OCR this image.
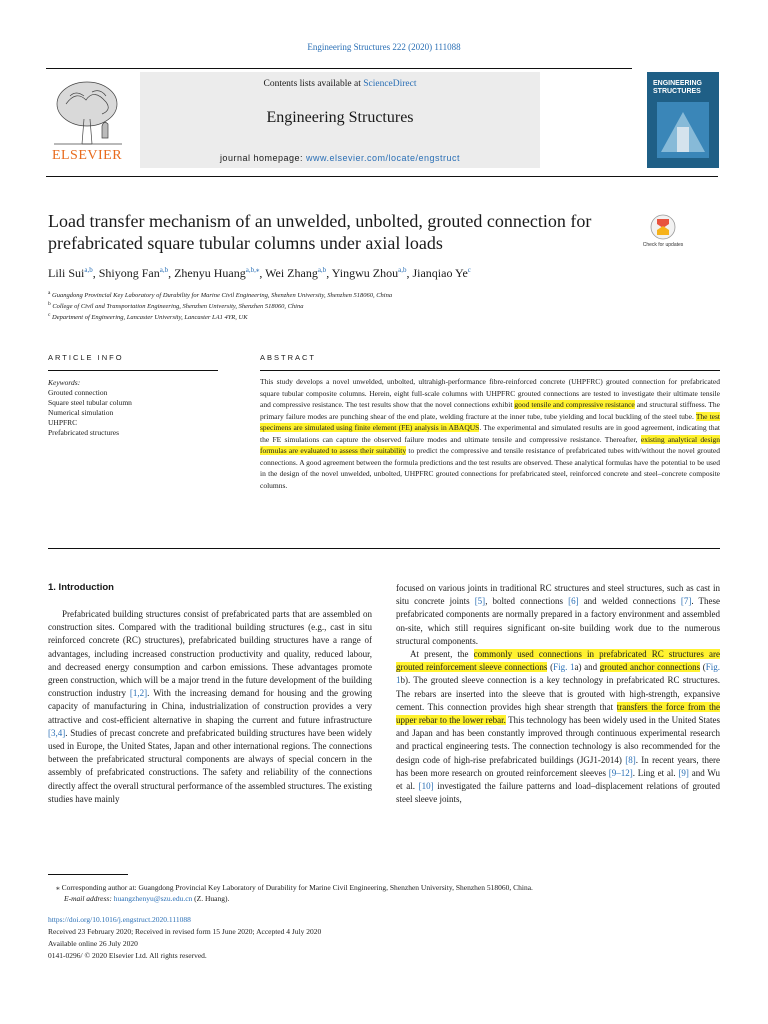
Engineering Structures 222 (2020) 111088
ELSEVIER
Contents lists available at ScienceDirect
Engineering Structures
journal homepage: www.elsevier.com/locate/engstruct
ENGINEERING
STRUCTURES
Load transfer mechanism of an unwelded, unbolted, grouted connection for
prefabricated square tubular columns under axial loads	Check for updates
Lili Sui$^{a,b}$, Shiyong Fan$^{a,b}$, Zhenyu Huang$^{a,b,⁎}$, Wei Zhang$^{a,b}$, Yingwu Zhou$^{a,b}$, Jianqiao Ye$^c$
$^a$ Guangdong Provincial Key Laboratory of Durability for Marine Civil Engineering, Shenzhen University, Shenzhen 518060, China
$^b$ College of Civil and Transportation Engineering, Shenzhen University, Shenzhen 518060, China
$^c$ Department of Engineering, Lancaster University, Lancaster LA1 4YR, UK
ARTICLE INFO	ABSTRACT
Keywords:
Grouted connection
Square steel tubular column
Numerical simulation
UHPFRC
Prefabricated structures
This study develops a novel unwelded, unbolted, ultrahigh-performance fibre-reinforced concrete (UHPFRC) grouted connection for prefabricated square tubular composite columns. Herein, eight full-scale columns with UHPFRC grouted connections are tested to investigate their ultimate tensile and compressive resistance. The test results show that the novel connections exhibit good tensile and compressive resistance and structural stiffness. The primary failure modes are punching shear of the end plate, welding fracture at the inner tube, tube yielding and local buckling of the steel tube. The test specimens are simulated using finite element (FE) analysis in ABAQUS. The experimental and simulated results are in good agreement, indicating that the FE simulations can capture the observed failure modes and ultimate tensile and compressive resistance. Thereafter, existing analytical design formulas are evaluated to assess their suitability to predict the compressive and tensile resistance of prefabricated tubes with/without the novel grouted connections. A good agreement between the formula predictions and the test results are observed. These analytical formulas have the potential to be used in the design of the novel unwelded, unbolted, UHPFRC grouted connections for prefabricated steel, reinforced concrete and steel–concrete composite columns.
1. Introduction
Prefabricated building structures consist of prefabricated parts that are assembled on construction sites. Compared with the traditional building structures (e.g., cast in situ reinforced concrete (RC) structures), prefabricated building structures have a range of advantages, including increased construction productivity and quality, reduced labour, and decreased energy consumption and carbon emissions. These advantages promote green construction, which will be a major trend in the future development of the building construction industry [1,2]. With the increasing demand for housing and the growing capacity of manufacturing in China, industrialization of construction provides a very attractive and cost-efficient alternative in shaping the current and future infrastructure [3,4]. Studies of precast concrete and prefabricated building structures have been widely used in Europe, the United States, Japan and other international regions. The connections between the prefabricated structural components are always of special concern in the assembly of prefabricated constructions. The safety and reliability of the connections directly affect the overall structural performance of the assembled structures. The existing studies have mainly
focused on various joints in traditional RC structures and steel structures, such as cast in situ concrete joints [5], bolted connections [6] and welded connections [7]. These prefabricated components are normally prepared in a factory environment and assembled on-site, which still requires significant on-site building work due to the numerous structural components.
At present, the commonly used connections in prefabricated RC structures are grouted reinforcement sleeve connections (Fig. 1a) and grouted anchor connections (Fig. 1b). The grouted sleeve connection is a key technology in prefabricated RC structures. The rebars are inserted into the sleeve that is grouted with high-strength, expansive cement. This connection provides high shear strength that transfers the force from the upper rebar to the lower rebar. This technology has been widely used in the United States and Japan and has been constantly improved through continuous experimental research and practical engineering tests. The connection technology is also recommended for the design code of high-rise prefabricated buildings (JGJ1-2014) [8]. In recent years, there has been more research on grouted reinforcement sleeves [9–12]. Ling et al. [9] and Wu et al. [10] investigated the failure patterns and load–displacement relations of grouted steel sleeve joints,
⁎ Corresponding author at: Guangdong Provincial Key Laboratory of Durability for Marine Civil Engineering, Shenzhen University, Shenzhen 518060, China.
E-mail address: huangzhenyu@szu.edu.cn (Z. Huang).
https://doi.org/10.1016/j.engstruct.2020.111088
Received 23 February 2020; Received in revised form 15 June 2020; Accepted 4 July 2020
Available online 26 July 2020
0141-0296/ © 2020 Elsevier Ltd. All rights reserved.
